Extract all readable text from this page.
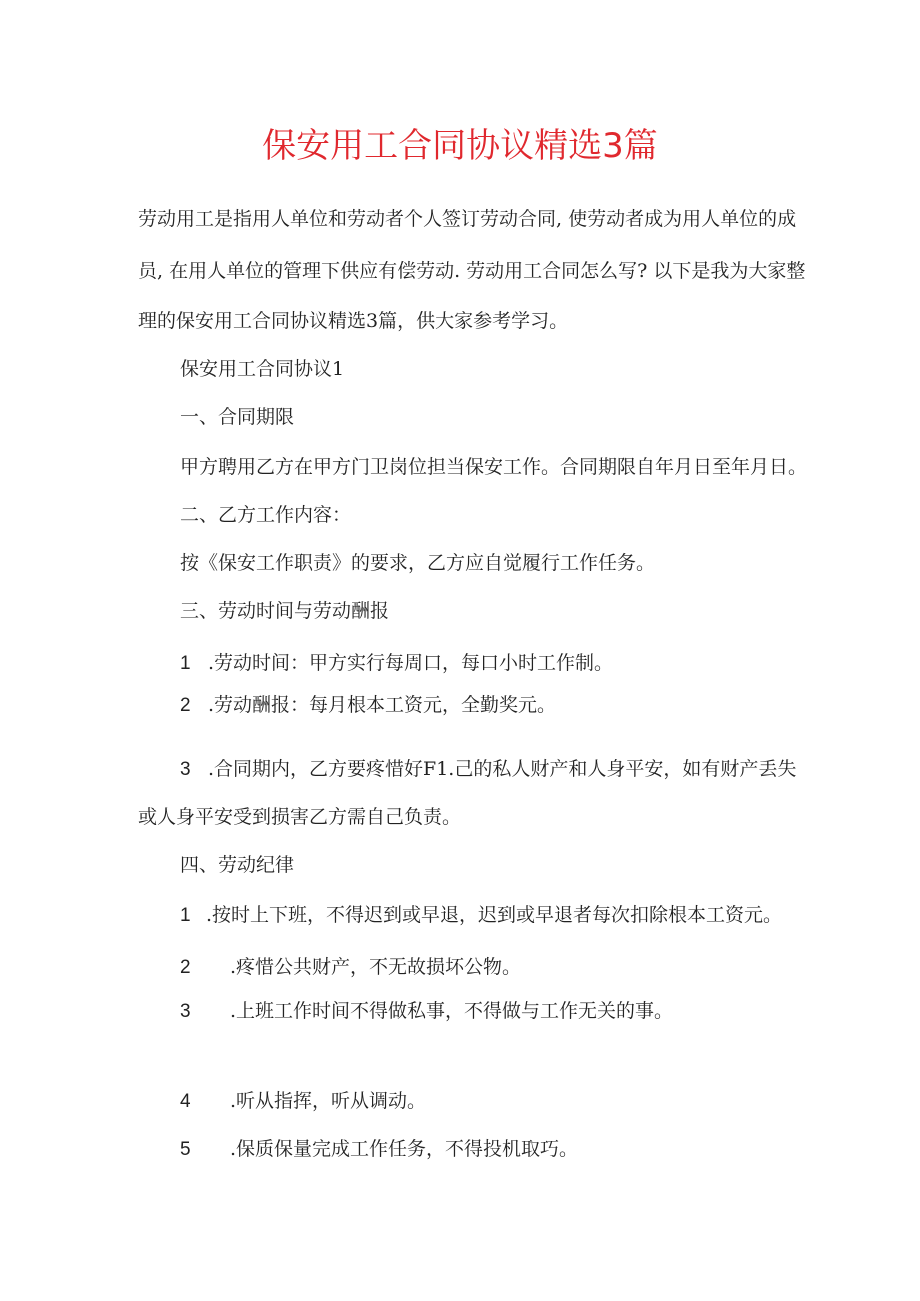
保安用工合同协议精选3篇
劳动用工是指用人单位和劳动者个人签订劳动合同, 使劳动者成为用人单位的成
员, 在用人单位的管理下供应有偿劳动. 劳动用工合同怎么写? 以下是我为大家整
理的保安用工合同协议精选3篇，供大家参考学习。
保安用工合同协议1
一、合同期限
甲方聘用乙方在甲方门卫岗位担当保安工作。合同期限自年月日至年月日。
二、乙方工作内容：
按《保安工作职责》的要求，乙方应自觉履行工作任务。
三、劳动时间与劳动酬报
1 .劳动时间：甲方实行每周口，每口小时工作制。
2 .劳动酬报：每月根本工资元，全勤奖元。
3 .合同期内，乙方要疼惜好F1.己的私人财产和人身平安，如有财产丢失
或人身平安受到损害乙方需自己负责。
四、劳动纪律
1 .按时上下班，不得迟到或早退，迟到或早退者每次扣除根本工资元。
2 .疼惜公共财产，不无故损坏公物。
3 .上班工作时间不得做私事，不得做与工作无关的事。
4 .听从指挥，听从调动。
5 .保质保量完成工作任务，不得投机取巧。
